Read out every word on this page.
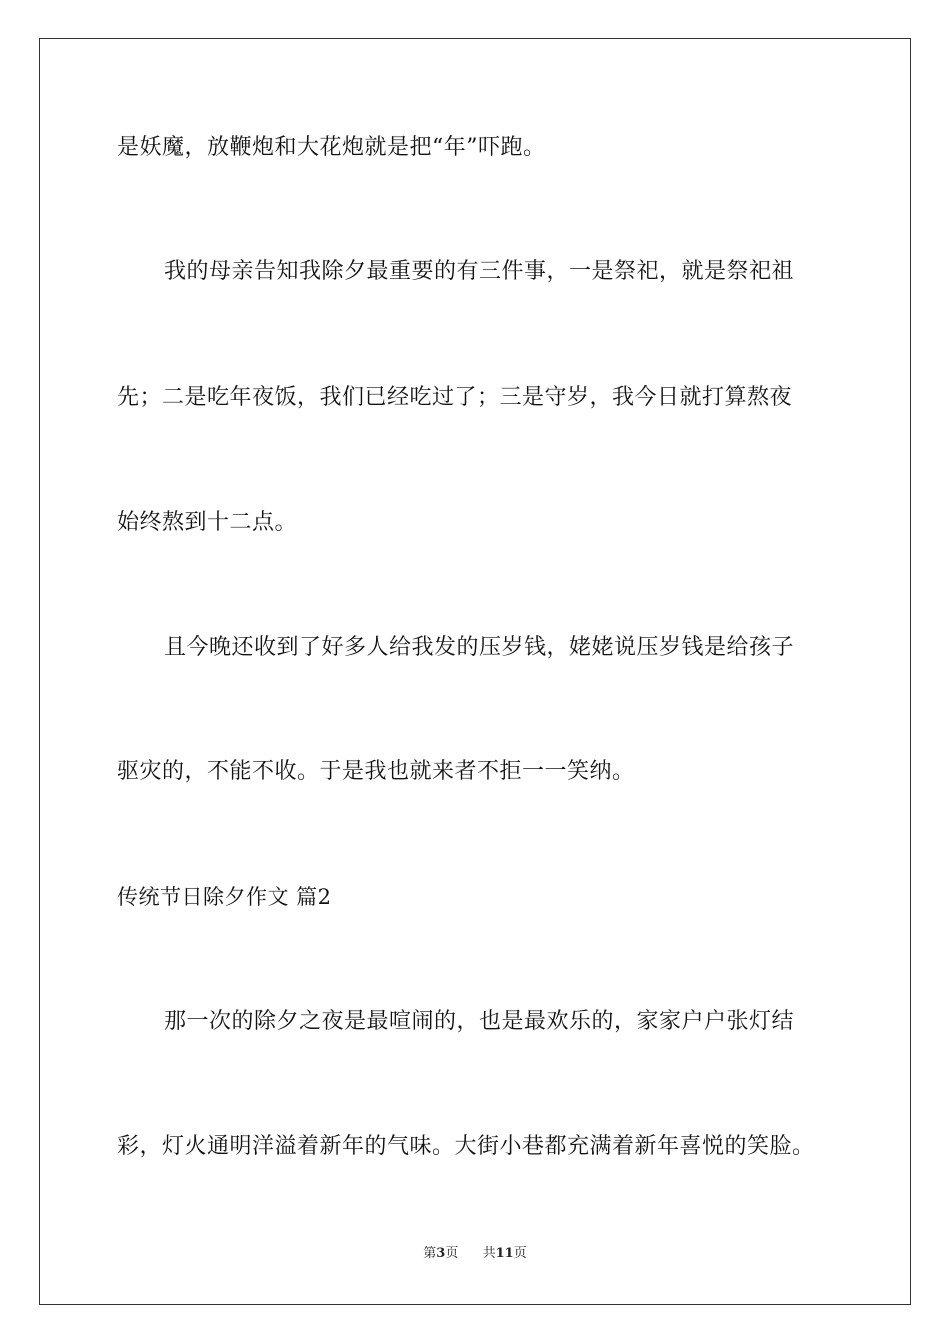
是妖魔，放鞭炮和大花炮就是把“年”吓跑。
我的母亲告知我除夕最重要的有三件事，一是祭祀，就是祭祀祖
先；二是吃年夜饭，我们已经吃过了；三是守岁，我今日就打算熬夜
始终熬到十二点。
且今晚还收到了好多人给我发的压岁钱，姥姥说压岁钱是给孩子
驱灾的，不能不收。于是我也就来者不拒一一笑纳。
传统节日除夕作文 篇2
那一次的除夕之夜是最喧闹的，也是最欢乐的，家家户户张灯结
彩，灯火通明洋溢着新年的气味。大街小巷都充满着新年喜悦的笑脸。
第3页 共11页
